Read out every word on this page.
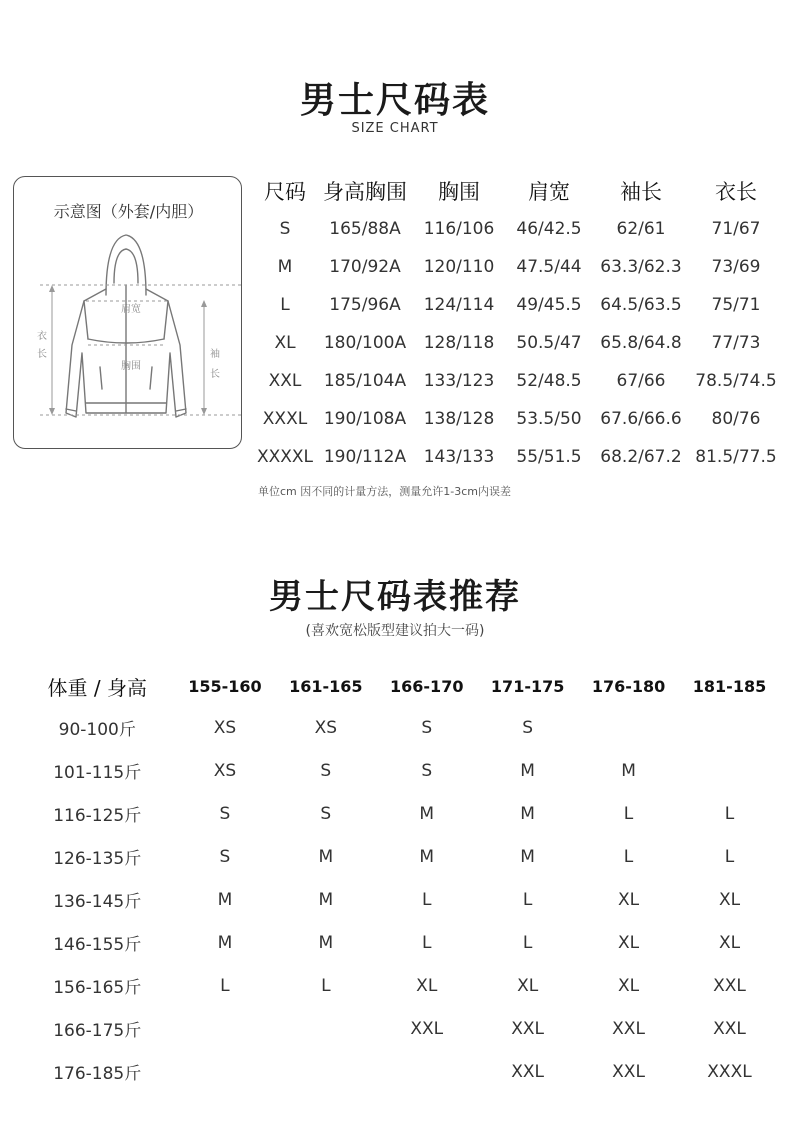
男士尺码表
SIZE CHART
示意图（外套/内胆）
肩宽
胸围
衣
长	袖
长
尺码	身高胸围	胸围	肩宽	袖长	衣长
S	165/88A	116/106	46/42.5	62/61	71/67
M	170/92A	120/110	47.5/44	63.3/62.3	73/69
L	175/96A	124/114	49/45.5	64.5/63.5	75/71
XL	180/100A	128/118	50.5/47	65.8/64.8	77/73
XXL	185/104A	133/123	52/48.5	67/66	78.5/74.5
XXXL	190/108A	138/128	53.5/50	67.6/66.6	80/76
XXXXL	190/112A	143/133	55/51.5	68.2/67.2	81.5/77.5
单位cm 因不同的计量方法，测量允许1-3cm内误差
男士尺码表推荐
(喜欢宽松版型建议拍大一码)
体重 / 身高	155-160	161-165	166-170	171-175	176-180	181-185
90-100斤	XS	XS	S	S		
101-115斤	XS	S	S	M	M	
116-125斤	S	S	M	M	L	L
126-135斤	S	M	M	M	L	L
136-145斤	M	M	L	L	XL	XL
146-155斤	M	M	L	L	XL	XL
156-165斤	L	L	XL	XL	XL	XXL
166-175斤			XXL	XXL	XXL	XXL
176-185斤				XXL	XXL	XXXL
